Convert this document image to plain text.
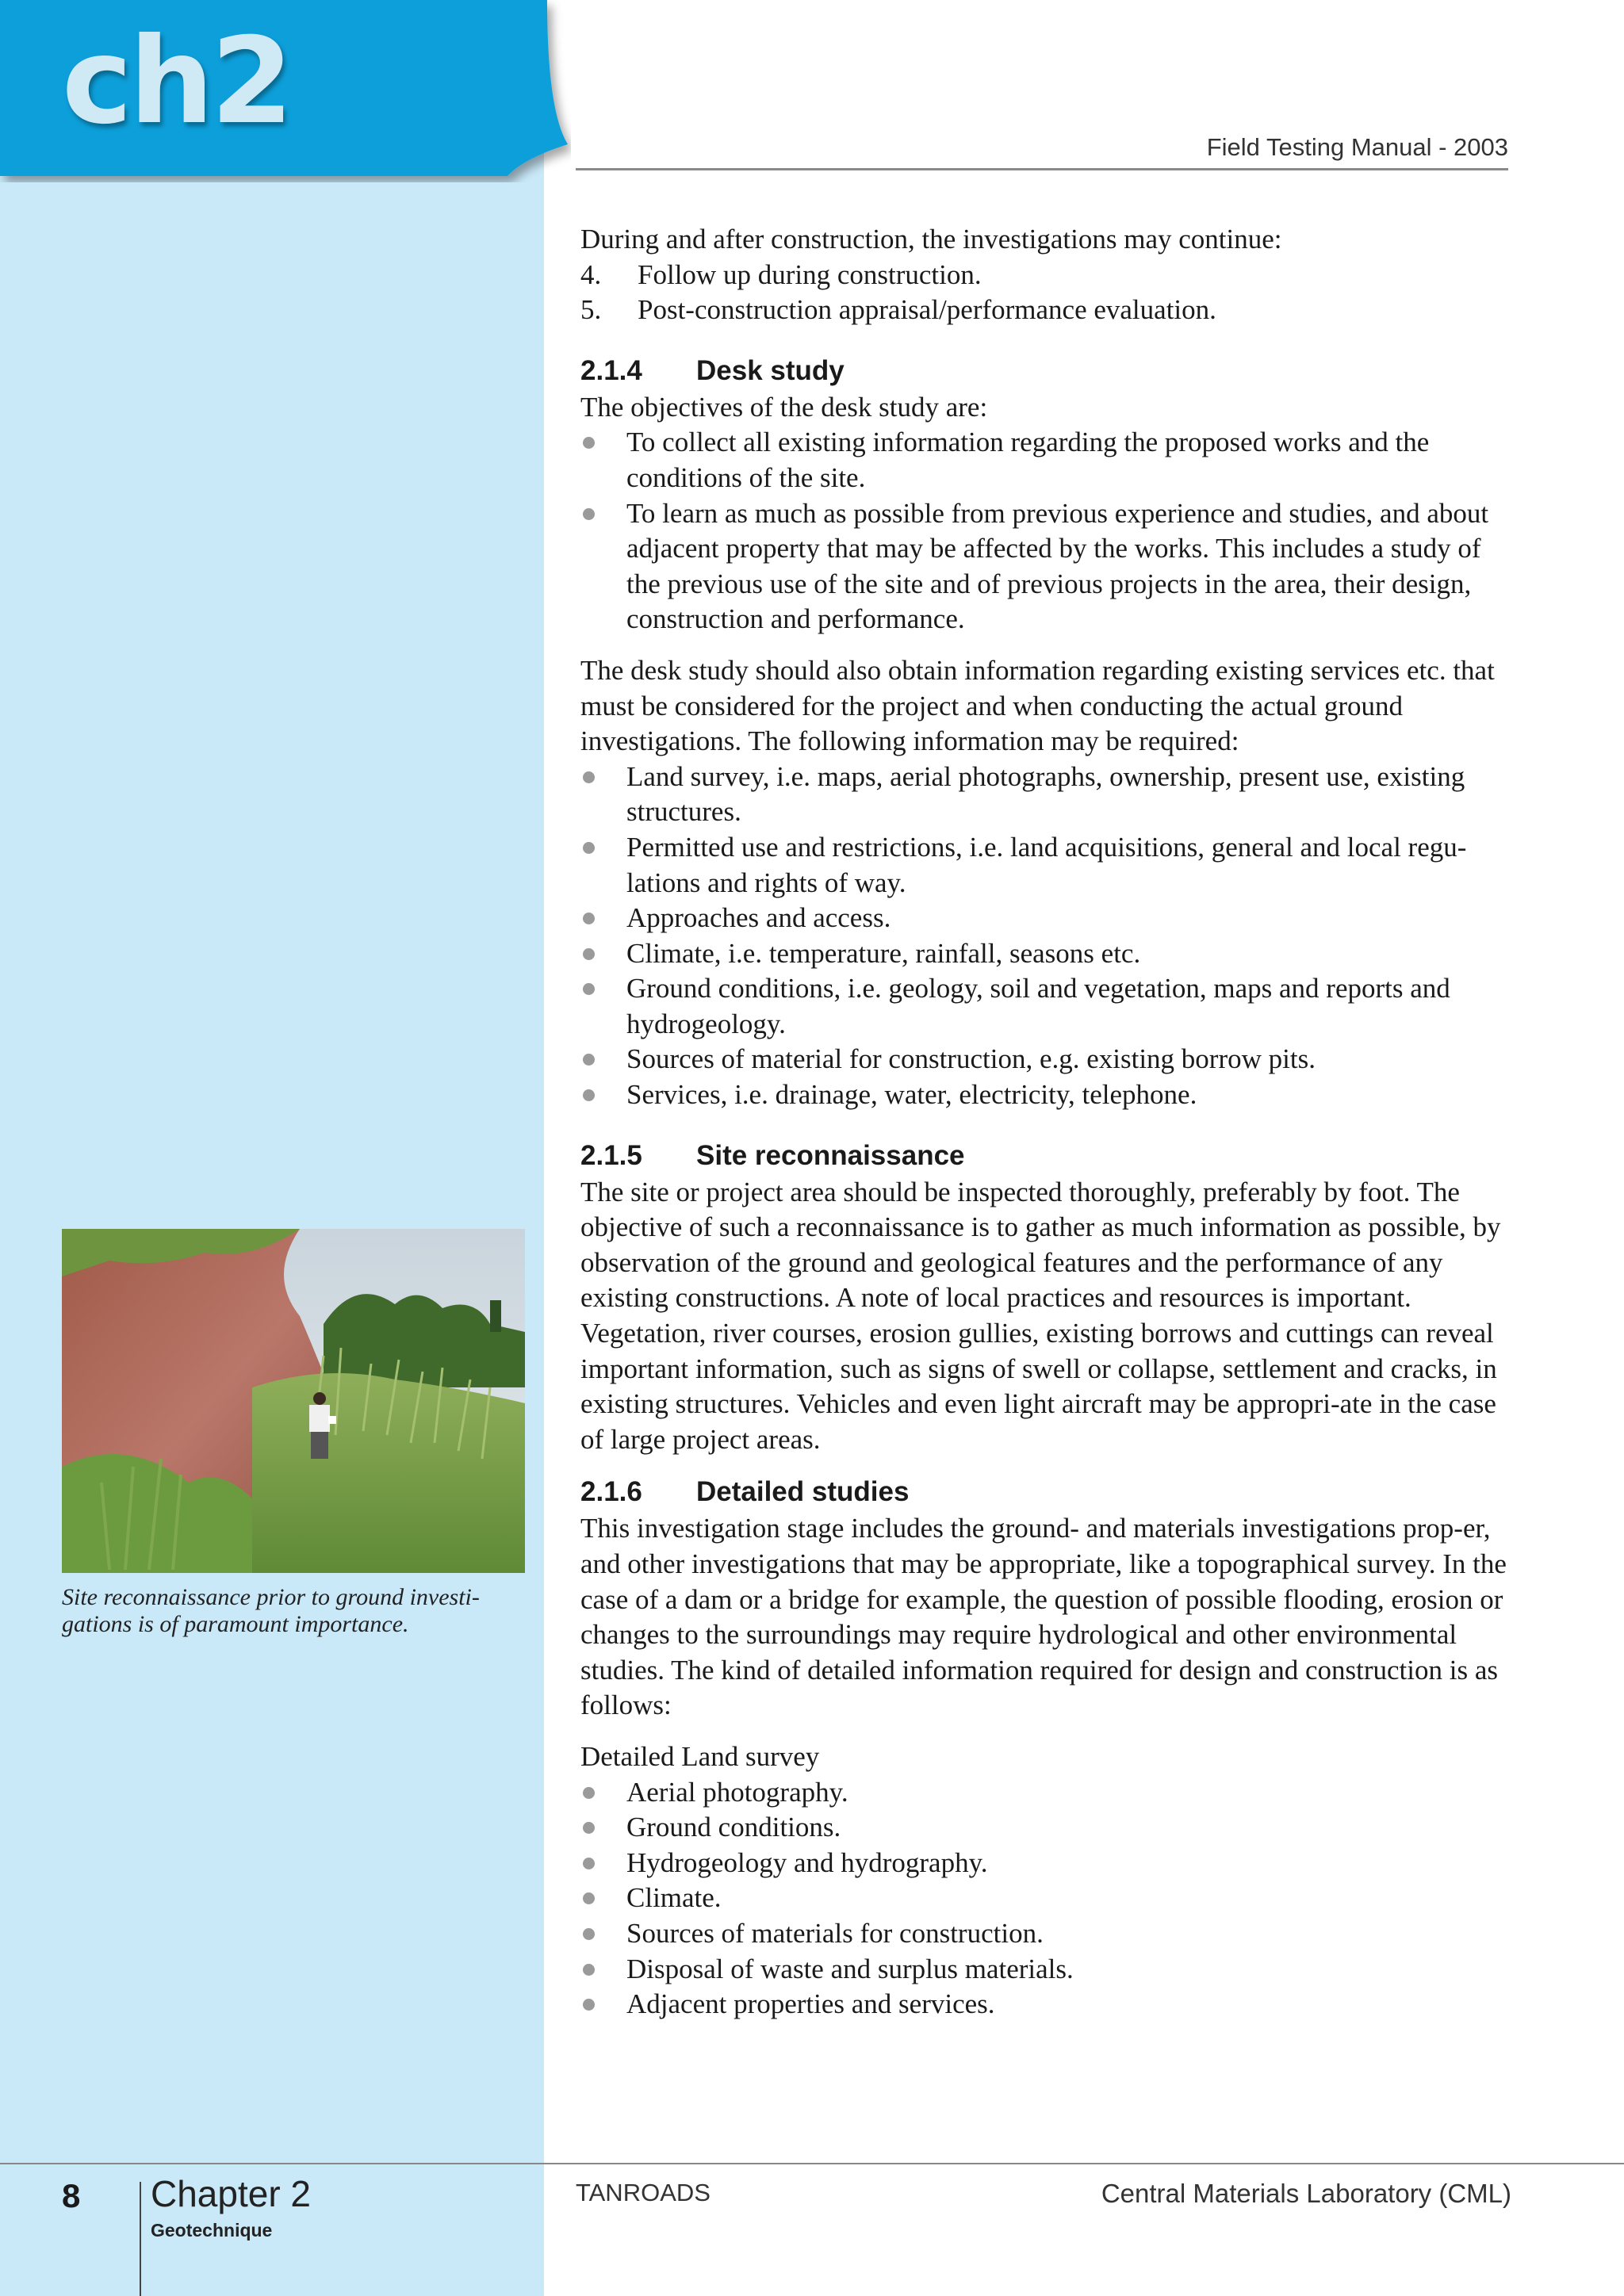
ch2	Field Testing Manual - 2003

During and after construction, the investigations may continue:

4. Follow up during construction.
5. Post-construction appraisal/performance evaluation.
2.1.4 Desk study

The objectives of the desk study are:

To collect all existing information regarding the proposed works and the conditions of the site.
To learn as much as possible from previous experience and studies, and about adjacent property that may be affected by the works. This includes a study of the previous use of the site and of previous projects in the area, their design, construction and performance.

The desk study should also obtain information regarding existing services etc. that must be considered for the project and when conducting the actual ground investigations. The following information may be required:

Land survey, i.e. maps, aerial photographs, ownership, present use, existing structures.
Permitted use and restrictions, i.e. land acquisitions, general and local regu-lations and rights of way.
Approaches and access.
Climate, i.e. temperature, rainfall, seasons etc.
Ground conditions, i.e. geology, soil and vegetation, maps and reports and hydrogeology.
Sources of material for construction, e.g. existing borrow pits.
Services, i.e. drainage, water, electricity, telephone.
2.1.5 Site reconnaissance

The site or project area should be inspected thoroughly, preferably by foot. The objective of such a reconnaissance is to gather as much information as possible, by observation of the ground and geological features and the performance of any existing constructions. A note of local practices and resources is important. Vegetation, river courses, erosion gullies, existing borrows and cuttings can reveal important information, such as signs of swell or collapse, settlement and cracks, in existing structures. Vehicles and even light aircraft may be appropri-ate in the case of large project areas.

2.1.6 Detailed studies

This investigation stage includes the ground- and materials investigations prop-er, and other investigations that may be appropriate, like a topographical survey. In the case of a dam or a bridge for example, the question of possible flooding, erosion or changes to the surroundings may require hydrological and other environmental studies. The kind of detailed information required for design and construction is as follows:

Detailed Land survey

Aerial photography.
Ground conditions.
Hydrogeology and hydrography.
Climate.
Sources of materials for construction.
Disposal of waste and surplus materials.
Adjacent properties and services.
Site reconnaissance prior to ground investi-gations is of paramount importance.
8 Chapter 2
Geotechnique
TANROADS	Central Materials Laboratory (CML)
